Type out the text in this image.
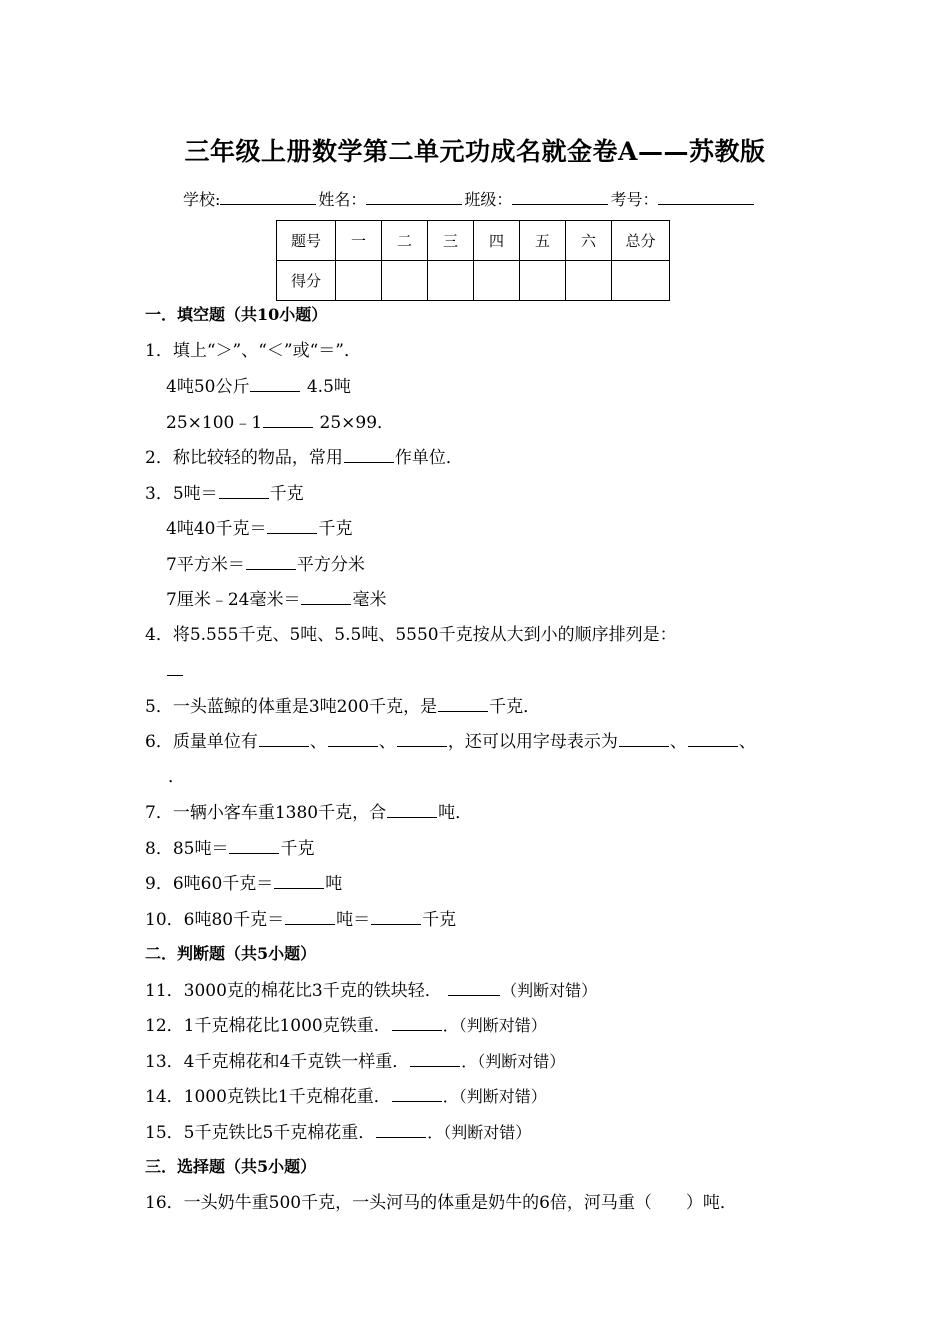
三年级上册数学第二单元功成名就金卷A——苏教版
学校:	姓名：	班级：	考号：
题号	一	二	三	四	五	六	总分
得分							
一．填空题（共10小题）
1．填上“＞”、“＜”或“＝”．
4吨50公斤	4.5吨
25×100﹣1	25×99．
2．称比较轻的物品，常用	作单位．
3．5吨＝	千克
4吨40千克＝	千克
7平方米＝	平方分米
7厘米﹣24毫米＝	毫米
4．将5.555千克、5吨、5.5吨、5550千克按从大到小的顺序排列是：
5．一头蓝鲸的体重是3吨200千克，是	千克．
6．质量单位有	、	、	，还可以用字母表示为	、	、
．
7．一辆小客车重1380千克，合	吨．
8．85吨＝	千克
9．6吨60千克＝	吨
10．6吨80千克＝	吨＝	千克
二．判断题（共5小题）
11．3000克的棉花比3千克的铁块轻．	（判断对错）
12．1千克棉花比1000克铁重．	．（判断对错）
13．4千克棉花和4千克铁一样重．	．（判断对错）
14．1000克铁比1千克棉花重．	．（判断对错）
15．5千克铁比5千克棉花重．	．（判断对错）
三．选择题（共5小题）
16．一头奶牛重500千克，一头河马的体重是奶牛的6倍，河马重（　　）吨．
